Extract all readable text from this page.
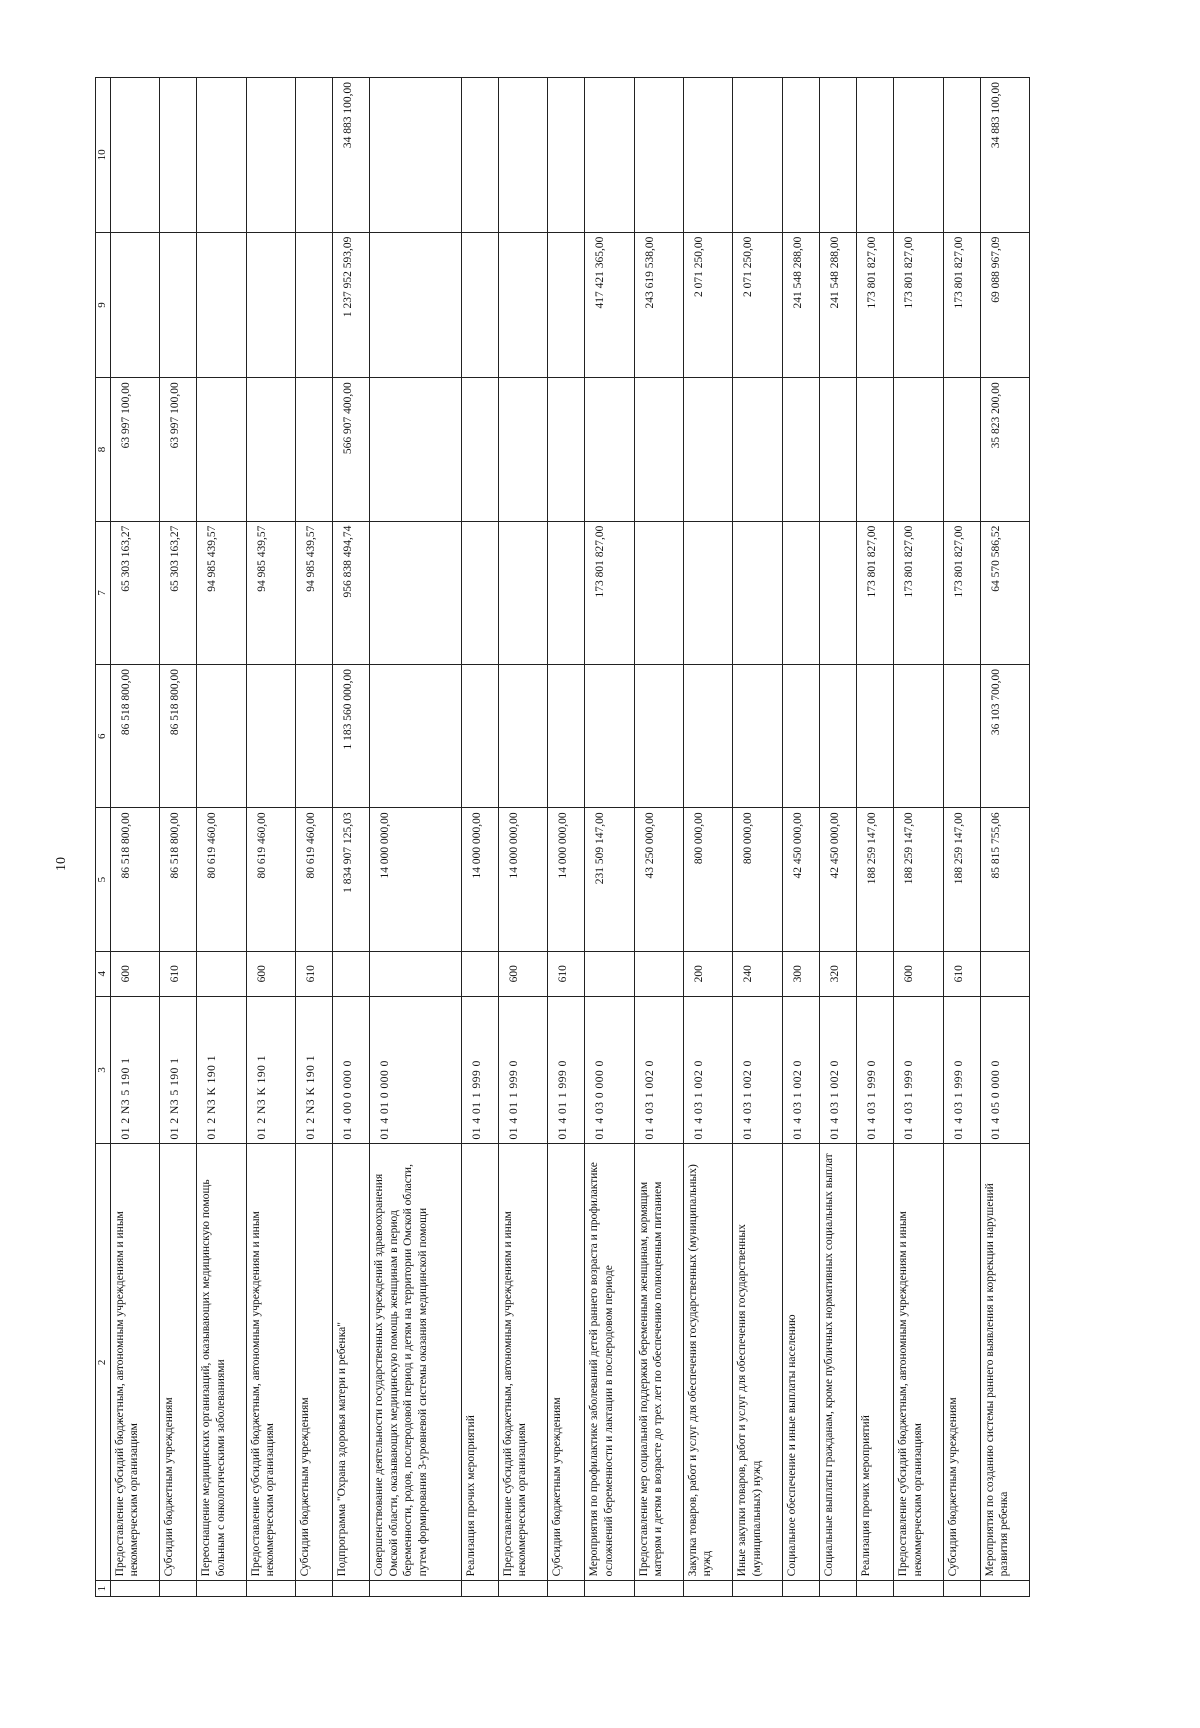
10
1	2	3	4	5	6	7	8	9	10
	Предоставление субсидий бюджетным, автономным учреждениям и иным некоммерческим организациям	01 2 N3 5 190 1	600	86 518 800,00	86 518 800,00	65 303 163,27	63 997 100,00		
	Субсидии бюджетным учреждениям	01 2 N3 5 190 1	610	86 518 800,00	86 518 800,00	65 303 163,27	63 997 100,00		
	Переоснащение медицинских организаций, оказывающих медицинскую помощь больным с онкологическими заболеваниями	01 2 N3 K 190 1		80 619 460,00		94 985 439,57			
	Предоставление субсидий бюджетным, автономным учреждениям и иным некоммерческим организациям	01 2 N3 K 190 1	600	80 619 460,00		94 985 439,57			
	Субсидии бюджетным учреждениям	01 2 N3 K 190 1	610	80 619 460,00		94 985 439,57			
	Подпрограмма "Охрана здоровья матери и ребенка"	01 4 00 0 000 0		1 834 907 125,03	1 183 560 000,00	956 838 494,74	566 907 400,00	1 237 952 593,09	34 883 100,00
	Совершенствование деятельности государственных учреждений здравоохранения Омской области, оказывающих медицинскую помощь женщинам в период беременности, родов, послеродовой период и детям на территории Омской области, путем формирования 3-уровневой системы оказания медицинской помощи	01 4 01 0 000 0		14 000 000,00					
	Реализация прочих мероприятий	01 4 01 1 999 0		14 000 000,00					
	Предоставление субсидий бюджетным, автономным учреждениям и иным некоммерческим организациям	01 4 01 1 999 0	600	14 000 000,00					
	Субсидии бюджетным учреждениям	01 4 01 1 999 0	610	14 000 000,00					
	Мероприятия по профилактике заболеваний детей раннего возраста и профилактике осложнений беременности и лактации в послеродовом периоде	01 4 03 0 000 0		231 509 147,00		173 801 827,00		417 421 365,00	
	Предоставление мер социальной поддержки беременным женщинам, кормящим матерям и детям в возрасте до трех лет по обеспечению полноценным питанием	01 4 03 1 002 0		43 250 000,00				243 619 538,00	
	Закупка товаров, работ и услуг для обеспечения государственных (муниципальных) нужд	01 4 03 1 002 0	200	800 000,00				2 071 250,00	
	Иные закупки товаров, работ и услуг для обеспечения государственных (муниципальных) нужд	01 4 03 1 002 0	240	800 000,00				2 071 250,00	
	Социальное обеспечение и иные выплаты населению	01 4 03 1 002 0	300	42 450 000,00				241 548 288,00	
	Социальные выплаты гражданам, кроме публичных нормативных социальных выплат	01 4 03 1 002 0	320	42 450 000,00				241 548 288,00	
	Реализация прочих мероприятий	01 4 03 1 999 0		188 259 147,00		173 801 827,00		173 801 827,00	
	Предоставление субсидий бюджетным, автономным учреждениям и иным некоммерческим организациям	01 4 03 1 999 0	600	188 259 147,00		173 801 827,00		173 801 827,00	
	Субсидии бюджетным учреждениям	01 4 03 1 999 0	610	188 259 147,00		173 801 827,00		173 801 827,00	
	Мероприятия по созданию системы раннего выявления и коррекции нарушений развития ребенка	01 4 05 0 000 0		85 815 755,06	36 103 700,00	64 570 586,52	35 823 200,00	69 088 967,09	34 883 100,00
